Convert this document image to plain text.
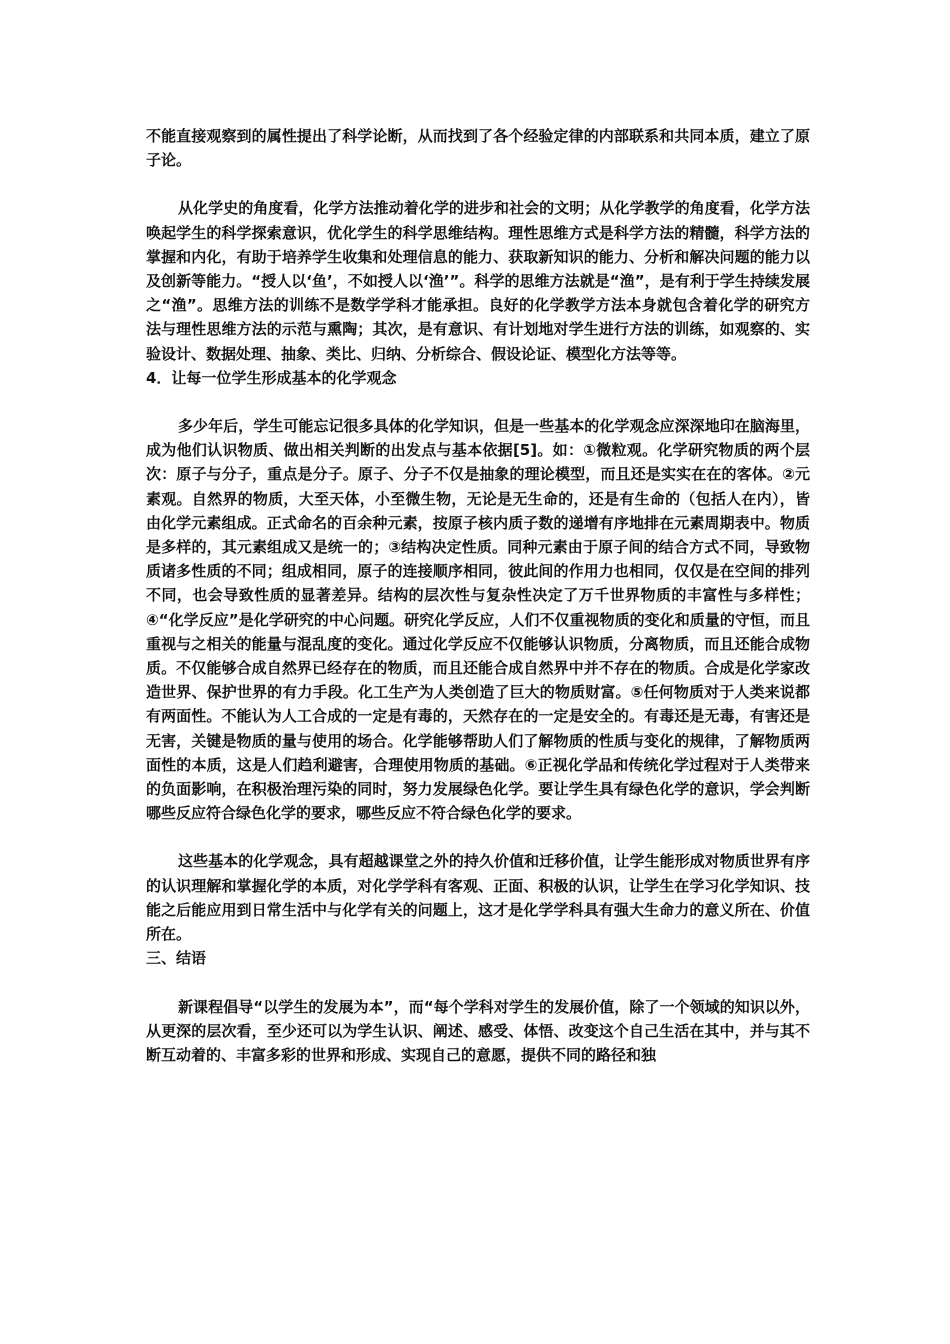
不能直接观察到的属性提出了科学论断，从而找到了各个经验定律的内部联系和共同本质，建立了原子论。

从化学史的角度看，化学方法推动着化学的进步和社会的文明；从化学教学的角度看，化学方法唤起学生的科学探索意识，优化学生的科学思维结构。理性思维方式是科学方法的精髓，科学方法的掌握和内化，有助于培养学生收集和处理信息的能力、获取新知识的能力、分析和解决问题的能力以及创新等能力。“授人以‘鱼’，不如授人以‘渔’”。科学的思维方法就是“渔”，是有利于学生持续发展之“渔”。思维方法的训练不是数学学科才能承担。良好的化学教学方法本身就包含着化学的研究方法与理性思维方法的示范与熏陶；其次，是有意识、有计划地对学生进行方法的训练，如观察的、实验设计、数据处理、抽象、类比、归纳、分析综合、假设论证、模型化方法等等。

4．让每一位学生形成基本的化学观念

多少年后，学生可能忘记很多具体的化学知识，但是一些基本的化学观念应深深地印在脑海里，成为他们认识物质、做出相关判断的出发点与基本依据[5]。如：①微粒观。化学研究物质的两个层次：原子与分子，重点是分子。原子、分子不仅是抽象的理论模型，而且还是实实在在的客体。②元素观。自然界的物质，大至天体，小至微生物，无论是无生命的，还是有生命的（包括人在内），皆由化学元素组成。正式命名的百余种元素，按原子核内质子数的递增有序地排在元素周期表中。物质是多样的，其元素组成又是统一的；③结构决定性质。同种元素由于原子间的结合方式不同，导致物质诸多性质的不同；组成相同，原子的连接顺序相同，彼此间的作用力也相同，仅仅是在空间的排列不同，也会导致性质的显著差异。结构的层次性与复杂性决定了万千世界物质的丰富性与多样性；④“化学反应”是化学研究的中心问题。研究化学反应，人们不仅重视物质的变化和质量的守恒，而且重视与之相关的能量与混乱度的变化。通过化学反应不仅能够认识物质，分离物质，而且还能合成物质。不仅能够合成自然界已经存在的物质，而且还能合成自然界中并不存在的物质。合成是化学家改造世界、保护世界的有力手段。化工生产为人类创造了巨大的物质财富。⑤任何物质对于人类来说都有两面性。不能认为人工合成的一定是有毒的，天然存在的一定是安全的。有毒还是无毒，有害还是无害，关键是物质的量与使用的场合。化学能够帮助人们了解物质的性质与变化的规律，了解物质两面性的本质，这是人们趋利避害，合理使用物质的基础。⑥正视化学品和传统化学过程对于人类带来的负面影响，在积极治理污染的同时，努力发展绿色化学。要让学生具有绿色化学的意识，学会判断哪些反应符合绿色化学的要求，哪些反应不符合绿色化学的要求。

这些基本的化学观念，具有超越课堂之外的持久价值和迁移价值，让学生能形成对物质世界有序的认识理解和掌握化学的本质，对化学学科有客观、正面、积极的认识，让学生在学习化学知识、技能之后能应用到日常生活中与化学有关的问题上，这才是化学学科具有强大生命力的意义所在、价值所在。

三、结语

新课程倡导“以学生的发展为本”，而“每个学科对学生的发展价值，除了一个领域的知识以外，从更深的层次看，至少还可以为学生认识、阐述、感受、体悟、改变这个自己生活在其中，并与其不断互动着的、丰富多彩的世界和形成、实现自己的意愿，提供不同的路径和独
